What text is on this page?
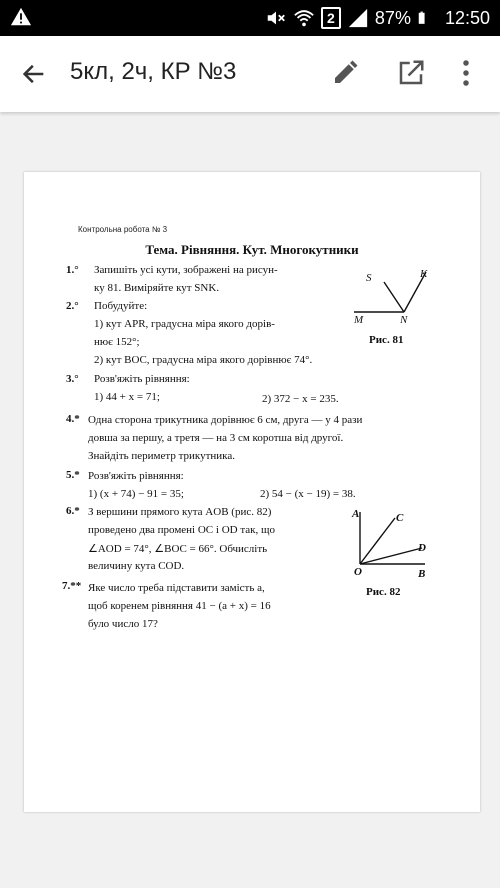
2	87% 12:50
5кл, 2ч, КР №3
Контрольна робота № 3
Тема. Рівняння. Кут. Многокутники
1.° Запишіть усі кути, зображені на рисун-
ку 81. Виміряйте кут SNK.
2.° Побудуйте:
1) кут APR, градусна міра якого дорів-
нює 152°;
2) кут BOC, градусна міра якого дорівнює 74°.
S	K
M	N
Рис. 81
3.° Розв'яжіть рівняння:
1) 44 + x = 71;	2) 372 − x = 235.
4.* Одна сторона трикутника дорівнює 6 см, друга — у 4 рази
довша за першу, а третя — на 3 см коротша від другої.
Знайдіть периметр трикутника.
5.* Розв'яжіть рівняння:
1) (x + 74) − 91 = 35;	2) 54 − (x − 19) = 38.
6.* З вершини прямого кута AOB (рис. 82)
проведено два промені OC і OD так, що
∠AOD = 74°, ∠BOC = 66°. Обчисліть
величину кута COD.
A	C
D
O	B
Рис. 82
7.** Яке число треба підставити замість a,
щоб коренем рівняння 41 − (a + x) = 16
було число 17?
